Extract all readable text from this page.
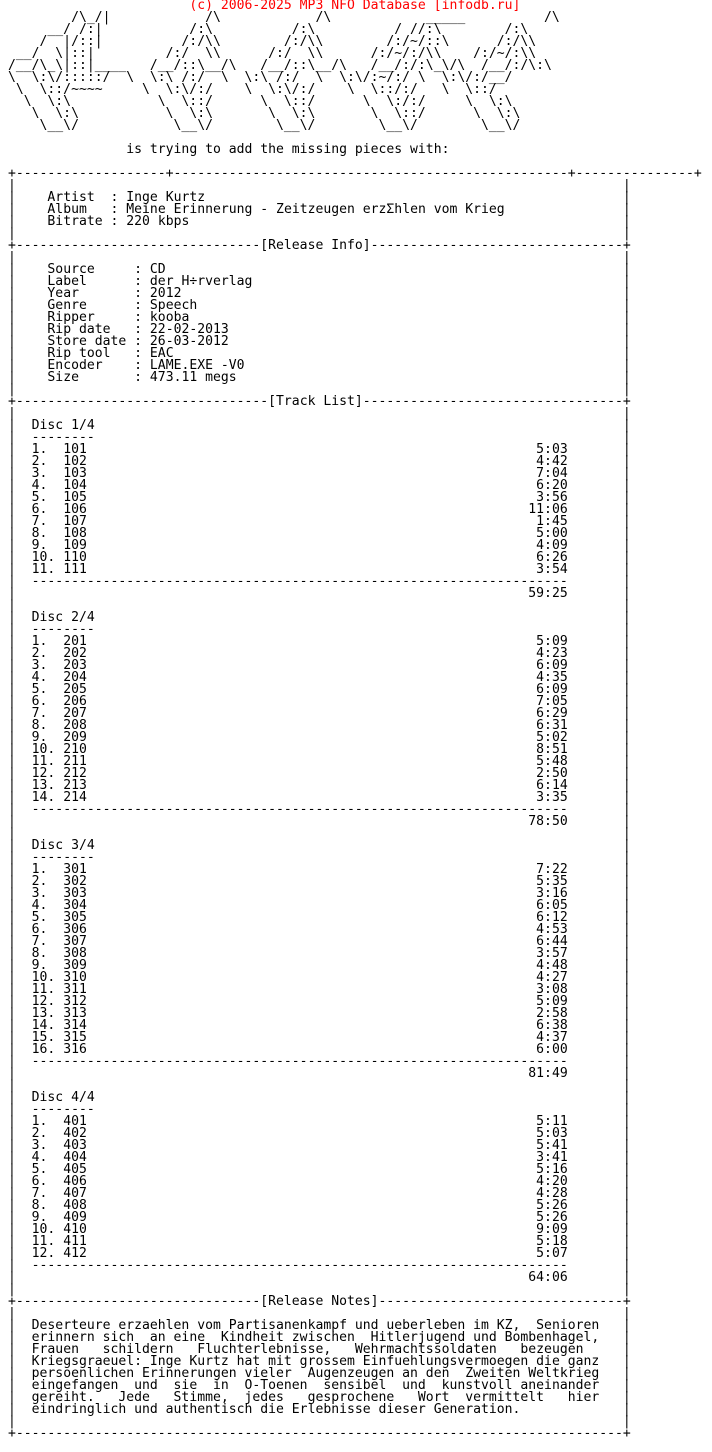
(c) 2006-2025 MP3 NFO Database [infodb.ru]
/\_/|            /\            /\            _____          /\
__/ /:|           /:\          /:\          / //:\        /:\
/  |/::|          /:/\\        /:/\\        /:/~/::\      /:/\\
__/  \|::|         /:/  \\      /:/  \\      /:/~/:/\\    /:/~/:\\
/__/\_\|::|____   /__/::\__/\   /__/::\__/\   /__/:/:\_\/\  /__/:/\:\
\  \:\/:::::/  \  \:\ /:/  \  \:\ /:/  \  \:\/:~/:/ \  \:\/:/__/
\  \::/~~~~     \  \:\/:/    \  \:\/:/    \  \::/:/   \  \::/
\  \:\           \  \::/      \  \::/      \  \:/:/     \  \:\
\  \:\           \  \:\       \  \:\       \  \::/      \  \:\
\__\/            \__\/        \__\/        \__\/        \__\/

is trying to add the missing pieces with:

+-------------------+--------------------------------------------------+---------------+
|	|
|    Artist  : Inge Kurtz                                                     |
|    Album   : Meine Erinnerung - Zeitzeugen erzΣhlen vom Krieg               |
|    Bitrate : 220 kbps                                                       |
|	|
+-------------------------------[Release Info]--------------------------------+
|	|
|    Source     : CD                                                          |
|    Label      : der H÷rverlag                                               |
|    Year       : 2012                                                        |
|    Genre      : Speech                                                      |
|    Ripper     : kooba                                                       |
|    Rip date   : 22-02-2013                                                  |
|    Store date : 26-03-2012                                                  |
|    Rip tool   : EAC                                                         |
|    Encoder    : LAME.EXE -V0                                                |
|    Size       : 473.11 megs                                                 |
|	|
+--------------------------------[Track List]---------------------------------+
|	|
|  Disc 1/4                                                                   |
|  --------                                                                   |
|  1.  101                                                         5:03       |
|  2.  102                                                         4:42       |
|  3.  103                                                         7:04       |
|  4.  104                                                         6:20       |
|  5.  105                                                         3:56       |
|  6.  106                                                        11:06       |
|  7.  107                                                         1:45       |
|  8.  108                                                         5:00       |
|  9.  109                                                         4:09       |
|  10. 110                                                         6:26       |
|  11. 111                                                         3:54       |
|  --------------------------------------------------------------------       |
|                                                                 59:25       |
|	|
|  Disc 2/4                                                                   |
|  --------                                                                   |
|  1.  201                                                         5:09       |
|  2.  202                                                         4:23       |
|  3.  203                                                         6:09       |
|  4.  204                                                         4:35       |
|  5.  205                                                         6:09       |
|  6.  206                                                         7:05       |
|  7.  207                                                         6:29       |
|  8.  208                                                         6:31       |
|  9.  209                                                         5:02       |
|  10. 210                                                         8:51       |
|  11. 211                                                         5:48       |
|  12. 212                                                         2:50       |
|  13. 213                                                         6:14       |
|  14. 214                                                         3:35       |
|  --------------------------------------------------------------------       |
|                                                                 78:50       |
|	|
|  Disc 3/4                                                                   |
|  --------                                                                   |
|  1.  301                                                         7:22       |
|  2.  302                                                         5:35       |
|  3.  303                                                         3:16       |
|  4.  304                                                         6:05       |
|  5.  305                                                         6:12       |
|  6.  306                                                         4:53       |
|  7.  307                                                         6:44       |
|  8.  308                                                         3:57       |
|  9.  309                                                         4:48       |
|  10. 310                                                         4:27       |
|  11. 311                                                         3:08       |
|  12. 312                                                         5:09       |
|  13. 313                                                         2:58       |
|  14. 314                                                         6:38       |
|  15. 315                                                         4:37       |
|  16. 316                                                         6:00       |
|  --------------------------------------------------------------------       |
|                                                                 81:49       |
|	|
|  Disc 4/4                                                                   |
|  --------                                                                   |
|  1.  401                                                         5:11       |
|  2.  402                                                         5:03       |
|  3.  403                                                         5:41       |
|  4.  404                                                         3:41       |
|  5.  405                                                         5:16       |
|  6.  406                                                         4:20       |
|  7.  407                                                         4:28       |
|  8.  408                                                         5:26       |
|  9.  409                                                         5:26       |
|  10. 410                                                         9:09       |
|  11. 411                                                         5:18       |
|  12. 412                                                         5:07       |
|  --------------------------------------------------------------------       |
|                                                                 64:06       |
|	|
+-------------------------------[Release Notes]-------------------------------+
|	|
|  Deserteure erzaehlen vom Partisanenkampf und ueberleben im KZ,  Senioren   |
|  erinnern sich  an eine  Kindheit zwischen  Hitlerjugend und Bombenhagel,   |
|  Frauen   schildern   Fluchterlebnisse,   Wehrmachtssoldaten   bezeugen     |
|  Kriegsgraeuel: Inge Kurtz hat mit grossem Einfuehlungsvermoegen die ganz   |
|  persoenlichen Erinnerungen vieler  Augenzeugen an den  Zweiten Weltkrieg   |
|  eingefangen  und  sie  in  O-Toenen  sensibel  und  kunstvoll aneinander   |
|  gereiht.   Jede   Stimme,  jedes   gesprochene   Wort  vermittelt   hier   |
|  eindringlich und authentisch die Erlebnisse dieser Generation.             |
|	|
+-----------------------------------------------------------------------------+
